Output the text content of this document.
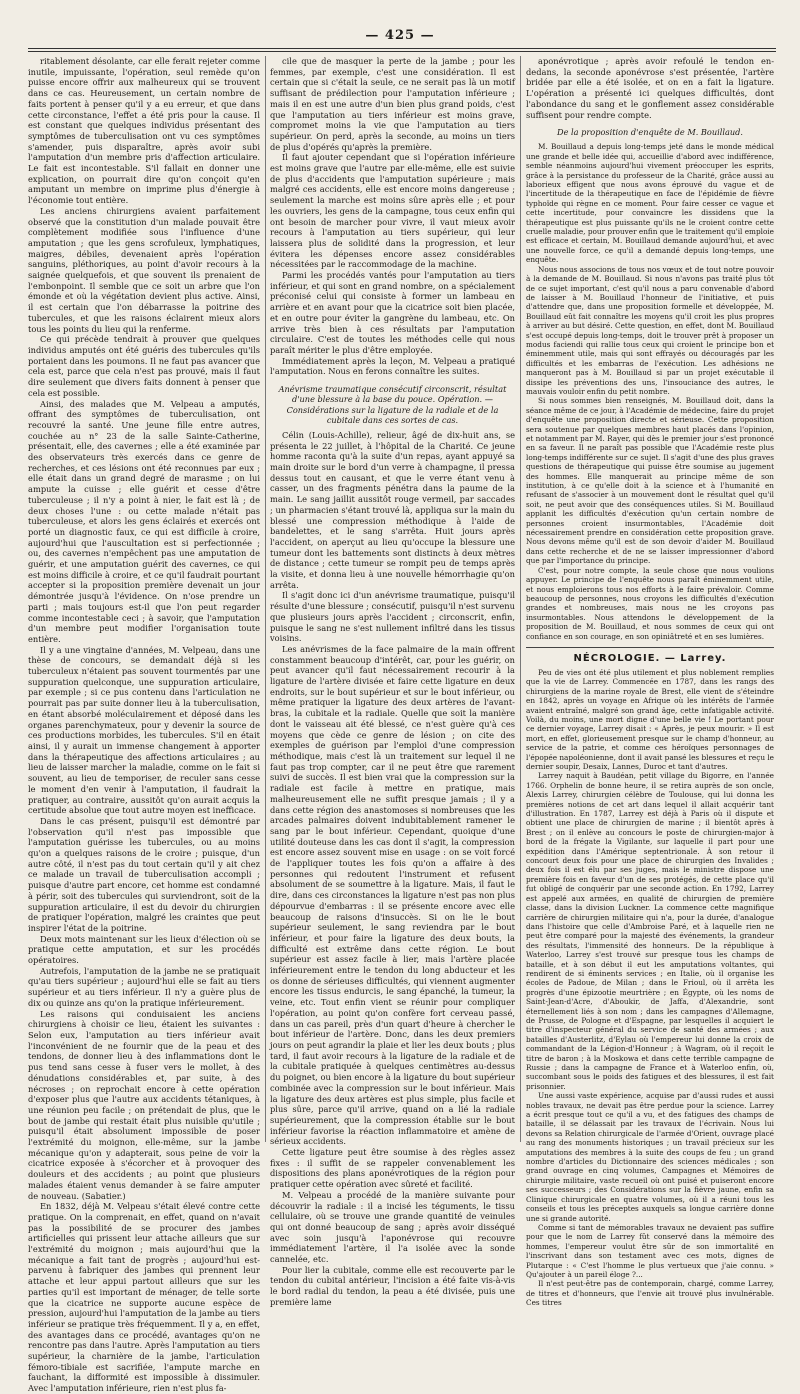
— 425 —

ritablement désolante, car elle ferait rejeter comme inutile, impuissante, l'opération, seul remède qu'on puisse encore offrir aux malheureux qui se trouvent dans ce cas. Heureusement, un certain nombre de faits portent à penser qu'il y a eu erreur, et que dans cette circonstance, l'effet a été pris pour la cause. Il est constant que quelques individus présentant des symptômes de tuberculisation ont vu ces symptômes s'amender, puis disparaître, après avoir subi l'amputation d'un membre pris d'affection articulaire. Le fait est incontestable. S'il fallait en donner une explication, on pourrait dire qu'on conçoit qu'en amputant un membre on imprime plus d'énergie à l'économie tout entière.

Les anciens chirurgiens avaient parfaitement observé que la constitution d'un malade pouvait être complètement modifiée sous l'influence d'une amputation ; que les gens scrofuleux, lymphatiques, maigres, débiles, devenaient après l'opération sanguins, pléthoriques, au point d'avoir recours à la saignée quelquefois, et que souvent ils prenaient de l'embonpoint. Il semble que ce soit un arbre que l'on émonde et où la végétation devient plus active. Ainsi, il est certain que l'on débarrasse la poitrine des tubercules, et que les raisons éclairent mieux alors tous les points du lieu qui la renferme.

Ce qui précède tendrait à prouver que quelques individus amputés ont été guéris des tubercules qu'ils portaient dans les poumons. Il ne faut pas avancer que cela est, parce que cela n'est pas prouvé, mais il faut dire seulement que divers faits donnent à penser que cela est possible.

Ainsi, des malades que M. Velpeau a amputés, offrant des symptômes de tuberculisation, ont recouvré la santé. Une jeune fille entre autres, couchée au n° 23 de la salle Sainte-Catherine, présentait, elle, des cavernes ; elle a été examinée par des observateurs très exercés dans ce genre de recherches, et ces lésions ont été reconnues par eux ; elle était dans un grand degré de marasme ; on lui ampute la cuisse ; elle guérit et cesse d'être tuberculeuse ; il n'y a point à nier, le fait est là ; de deux choses l'une : ou cette malade n'était pas tuberculeuse, et alors les gens éclairés et exercés ont porté un diagnostic faux, ce qui est difficile à croire, aujourd'hui que l'auscultation est si perfectionnée ; ou, des cavernes n'empêchent pas une amputation de guérir, et une amputation guérit des cavernes, ce qui est moins difficile à croire, et ce qu'il faudrait pourtant accepter si la proposition première devenait un jour démontrée jusqu'à l'évidence. On n'ose prendre un parti ; mais toujours est-il que l'on peut regarder comme incontestable ceci ; à savoir, que l'amputation d'un membre peut modifier l'organisation toute entière.

Il y a une vingtaine d'années, M. Velpeau, dans une thèse de concours, se demandait déjà si les tuberculeux n'étaient pas souvent tourmentés par une suppuration quelconque, une suppuration articulaire, par exemple ; si ce pus contenu dans l'articulation ne pourrait pas par suite donner lieu à la tuberculisation, en étant absorbé moléculairement et déposé dans les organes parenchymateux, pour y devenir la source de ces productions morbides, les tubercules. S'il en était ainsi, il y aurait un immense changement à apporter dans la thérapeutique des affections articulaires ; au lieu de laisser marcher la maladie, comme on le fait si souvent, au lieu de temporiser, de reculer sans cesse le moment d'en venir à l'amputation, il faudrait la pratiquer, au contraire, aussitôt qu'on aurait acquis la certitude absolue que tout autre moyen est inefficace.

Dans le cas présent, puisqu'il est démontré par l'observation qu'il n'est pas impossible que l'amputation guérisse les tubercules, ou au moins qu'on a quelques raisons de le croire ; puisque, d'un autre côté, il n'est pas du tout certain qu'il y ait chez ce malade un travail de tuberculisation accompli ; puisque d'autre part encore, cet homme est condamné à périr, soit des tubercules qui surviendront, soit de la suppuration articulaire, il est du devoir du chirurgien de pratiquer l'opération, malgré les craintes que peut inspirer l'état de la poitrine.

Deux mots maintenant sur les lieux d'élection où se pratique cette amputation, et sur les procédés opératoires.

Autrefois, l'amputation de la jambe ne se pratiquait qu'au tiers supérieur ; aujourd'hui elle se fait au tiers supérieur et au tiers inférieur. Il n'y a guère plus de dix ou quinze ans qu'on la pratique inférieurement.

Les raisons qui conduisaient les anciens chirurgiens à choisir ce lieu, étaient les suivantes : Selon eux, l'amputation au tiers inférieur avait l'inconvénient de ne fournir que de la peau et des tendons, de donner lieu à des inflammations dont le pus tend sans cesse à fuser vers le mollet, à des dénudations considérables et, par suite, à des nécroses ; on reprochait encore à cette opération d'exposer plus que l'autre aux accidents tétaniques, à une réunion peu facile ; on prétendait de plus, que le bout de jambe qui restait était plus nuisible qu'utile ; puisqu'il était absolument impossible de poser l'extrémité du moignon, elle-même, sur la jambe mécanique qu'on y adapterait, sous peine de voir la cicatrice exposée à s'écorcher et à provoquer des douleurs et des accidents ; au point que plusieurs malades étaient venus demander à se faire amputer de nouveau. (Sabatier.)

En 1832, déjà M. Velpeau s'était élevé contre cette pratique. On la comprenait, en effet, quand on n'avait pas la possibilité de se procurer des jambes artificielles qui prissent leur attache ailleurs que sur l'extrémité du moignon ; mais aujourd'hui que la mécanique a fait tant de progrès ; aujourd'hui est-parvenu à fabriquer des jambes qui prennent leur attache et leur appui partout ailleurs que sur les parties qu'il est important de ménager, de telle sorte que la cicatrice ne supporte aucune espèce de pression, aujourd'hui l'amputation de la jambe au tiers inférieur se pratique très fréquemment. Il y a, en effet, des avantages dans ce procédé, avantages qu'on ne rencontre pas dans l'autre. Après l'amputation au tiers supérieur, la charnière de la jambe, l'articulation fémoro-tibiale est sacrifiée, l'ampute marche en fauchant, la difformité est impossible à dissimuler. Avec l'amputation inférieure, rien n'est plus fa-

cile que de masquer la perte de la jambe ; pour les femmes, par exemple, c'est une considération. Il est certain que si c'était la seule, ce ne serait pas là un motif suffisant de prédilection pour l'amputation inférieure ; mais il en est une autre d'un bien plus grand poids, c'est que l'amputation au tiers inférieur est moins grave, compromet moins la vie que l'amputation au tiers supérieur. On perd, après la seconde, au moins un tiers de plus d'opérés qu'après la première.

Il faut ajouter cependant que si l'opération inférieure est moins grave que l'autre par elle-même, elle est suivie de plus d'accidents que l'amputation supérieure ; mais malgré ces accidents, elle est encore moins dangereuse ; seulement la marche est moins sûre après elle ; et pour les ouvriers, les gens de la campagne, tous ceux enfin qui ont besoin de marcher pour vivre, il vaut mieux avoir recours à l'amputation au tiers supérieur, qui leur laissera plus de solidité dans la progression, et leur évitera les dépenses encore assez considérables nécessitées par le raccommodage de la machine.

Parmi les procédés vantés pour l'amputation au tiers inférieur, et qui sont en grand nombre, on a spécialement préconisé celui qui consiste à former un lambeau en arrière et en avant pour que la cicatrice soit bien placée, et en outre pour éviter la gangrène du lambeau, etc. On arrive très bien à ces résultats par l'amputation circulaire. C'est de toutes les méthodes celle qui nous paraît mériter le plus d'être employée.

Immédiatement après la leçon, M. Velpeau a pratiqué l'amputation. Nous en ferons connaître les suites.

Anévrisme traumatique consécutif circonscrit, résultat d'une blessure à la base du pouce. Opération. — Considérations sur la ligature de la radiale et de la cubitale dans ces sortes de cas.

Célin (Louis-Achille), relieur, âgé de dix-huit ans, se présenta le 22 juillet, à l'hôpital de la Charité. Ce jeune homme raconta qu'à la suite d'un repas, ayant appuyé sa main droite sur le bord d'un verre à champagne, il pressa dessus tout en causant, et que le verre étant venu à casser, un des fragments pénétra dans la paume de la main. Le sang jaillit aussitôt rouge vermeil, par saccades ; un pharmacien s'étant trouvé là, appliqua sur la main du blessé une compression méthodique à l'aide de bandelettes, et le sang s'arrêta. Huit jours après l'accident, on aperçut au lieu qu'occupe la blessure une tumeur dont les battements sont distincts à deux mètres de distance ; cette tumeur se rompit peu de temps après la visite, et donna lieu à une nouvelle hémorrhagie qu'on arrêta.

Il s'agit donc ici d'un anévrisme traumatique, puisqu'il résulte d'une blessure ; consécutif, puisqu'il n'est survenu que plusieurs jours après l'accident ; circonscrit, enfin, puisque le sang ne s'est nullement infiltré dans les tissus voisins.

Les anévrismes de la face palmaire de la main offrent constamment beaucoup d'intérêt, car, pour les guérir, on peut avancer qu'il faut nécessairement recourir à la ligature de l'artère divisée et faire cette ligature en deux endroits, sur le bout supérieur et sur le bout inférieur, ou même pratiquer la ligature des deux artères de l'avant-bras, la cubitale et la radiale. Quelle que soit la manière dont le vaisseau ait été blessé, ce n'est guère qu'à ces moyens que cède ce genre de lésion ; on cite des exemples de guérison par l'emploi d'une compression méthodique, mais c'est là un traitement sur lequel il ne faut pas trop compter, car il ne peut être que rarement suivi de succès. Il est bien vrai que la compression sur la radiale est facile à mettre en pratique, mais malheureusement elle ne suffit presque jamais ; il y a dans cette région des anastomoses si nombreuses que les arcades palmaires doivent indubitablement ramener le sang par le bout inférieur. Cependant, quoique d'une utilité douteuse dans les cas dont il s'agit, la compression est encore assez souvent mise en usage : on se voit forcé de l'appliquer toutes les fois qu'on a affaire à des personnes qui redoutent l'instrument et refusent absolument de se soumettre à la ligature. Mais, il faut le dire, dans ces circonstances la ligature n'est pas non plus dépourvue d'embarras : il se présente encore avec elle beaucoup de raisons d'insuccès. Si on lie le bout supérieur seulement, le sang reviendra par le bout inférieur, et pour faire la ligature des deux bouts, la difficulté est extrême dans cette région. Le bout supérieur est assez facile à lier, mais l'artère placée inférieurement entre le tendon du long abducteur et les os donne de sérieuses difficultés, qui viennent augmenter encore les tissus endurcis, le sang épanché, la tumeur, la veine, etc. Tout enfin vient se réunir pour compliquer l'opération, au point qu'on confère fort cerveau passé, dans un cas pareil, près d'un quart d'heure à chercher le bout inférieur de l'artère. Donc, dans les deux premiers jours on peut agrandir la plaie et lier les deux bouts ; plus tard, il faut avoir recours à la ligature de la radiale et de la cubitale pratiquée à quelques centimètres au-dessus du poignet, ou bien encore à la ligature du bout supérieur combinée avec la compression sur le bout inférieur. Mais la ligature des deux artères est plus simple, plus facile et plus sûre, parce qu'il arrive, quand on a lié la radiale supérieurement, que la compression établie sur le bout inférieur favorise la réaction inflammatoire et amène de sérieux accidents.

Cette ligature peut être soumise à des règles assez fixes : il suffit de se rappeler convenablement les dispositions des plans aponévrotiques de la région pour pratiquer cette opération avec sûreté et facilité.

M. Velpeau a procédé de la manière suivante pour découvrir la radiale : il a incisé les téguments, le tissu cellulaire, où se trouve une grande quantité de veinules qui ont donné beaucoup de sang ; après avoir disséqué avec soin jusqu'à l'aponévrose qui recouvre immédiatement l'artère, il l'a isolée avec la sonde cannelée, etc.

Pour lier la cubitale, comme elle est recouverte par le tendon du cubital antérieur, l'incision a été faite vis-à-vis le bord radial du tendon, la peau a été divisée, puis une première lame

aponévrotique ; après avoir refoulé le tendon en-dedans, la seconde aponévrose s'est présentée, l'artère bridée par elle a été isolée, et on en a fait la ligature. L'opération a présenté ici quelques difficultés, dont l'abondance du sang et le gonflement assez considérable suffisent pour rendre compte.

De la proposition d'enquête de M. Bouillaud.

M. Bouillaud a depuis long-temps jeté dans le monde médical une grande et belle idée qui, accueillie d'abord avec indifférence, semble néanmoins aujourd'hui vivement préoccuper les esprits, grâce à la persistance du professeur de la Charité, grâce aussi au laborieux effigent que nous avons éprouvé du vague et de l'incertitude de la thérapeutique en face de l'épidémie de fièvre typhoïde qui règne en ce moment. Pour faire cesser ce vague et cette incertitude, pour convaincre les dissidens que la thérapeutique est plus puissante qu'ils ne le croient contre cette cruelle maladie, pour prouver enfin que le traitement qu'il emploie est efficace et certain, M. Bouillaud demande aujourd'hui, et avec une nouvelle force, ce qu'il a demandé depuis long-temps, une enquête.

Nous nous associons de tous nos vœux et de tout notre pouvoir à la demande de M. Bouillaud. Si nous n'avons pas traité plus tôt de ce sujet important, c'est qu'il nous a paru convenable d'abord de laisser à M. Bouillaud l'honneur de l'initiative, et puis d'attendre que, dans une proposition formelle et développée, M. Bouillaud eût fait connaître les moyens qu'il croit les plus propres à arriver au but désiré. Cette question, en effet, dont M. Bouillaud s'est occupé depuis long-temps, doit le trouver prêt à proposer un modus faciendi qui rallie tous ceux qui croient le principe bon et éminemment utile, mais qui sont effrayés ou découragés par les difficultés et les embarras de l'exécution. Les adhésions ne manqueront pas à M. Bouillaud si par un projet exécutable il dissipe les préventions des uns, l'insouciance des autres, le mauvais vouloir enfin du petit nombre.

Si nous sommes bien renseignés, M. Bouillaud doit, dans la séance même de ce jour, à l'Académie de médecine, faire du projet d'enquête une proposition directe et sérieuse. Cette proposition sera soutenue par quelques membres haut placés dans l'opinion, et notamment par M. Rayer, qui dès le premier jour s'est prononcé en sa faveur. Il ne paraît pas possible que l'Académie reste plus long-temps indifférente sur ce sujet. Il s'agit d'une des plus graves questions de thérapeutique qui puisse être soumise au jugement des hommes. Elle manquerait au principe même de son institution, à ce qu'elle doit à la science et à l'humanité en refusant de s'associer à un mouvement dont le résultat quel qu'il soit, ne peut avoir que des conséquences utiles. Si M. Bouillaud applanit les difficultés d'exécution qu'un certain nombre de personnes croient insurmontables, l'Académie doit nécessairement prendre en considération cette proposition grave. Nous devons même qu'il est de son devoir d'aider M. Bouillaud dans cette recherche et de ne se laisser impressionner d'abord que par l'importance du principe.

C'est, pour notre compte, la seule chose que nous voulions appuyer. Le principe de l'enquête nous paraît éminemment utile, et nous emploierons tous nos efforts à le faire prévaloir. Comme beaucoup de personnes, nous croyons les difficultés d'exécution grandes et nombreuses, mais nous ne les croyons pas insurmontables. Nous attendons le développement de la proposition de M. Bouillaud, et nous sommes de ceux qui ont confiance en son courage, en son opiniâtreté et en ses lumières.

NÉCROLOGIE. — Larrey.

Peu de vies ont été plus utilement et plus noblement remplies que la vie de Larrey. Commencée en 1787, dans les rangs des chirurgiens de la marine royale de Brest, elle vient de s'éteindre en 1842, après un voyage en Afrique où les intérêts de l'armée avaient entraîné, malgré son grand âge, cette infatigable activité. Voilà, du moins, une mort digne d'une belle vie ! Le portant pour ce dernier voyage, Larrey disait : « Après, je peux mourir. » Il est mort, en effet, glorieusement presque sur le champ d'honneur, au service de la patrie, et comme ces héroïques personnages de l'épopée napoléonienne, dont il avait pansé les blessures et reçu le dernier soupir, Desaix, Lannes, Duroc et tant d'autres.

Larrey naquit à Baudéan, petit village du Bigorre, en l'année 1766. Orphelin de bonne heure, il se retira auprès de son oncle, Alexis Larrey, chirurgien célèbre de Toulouse, qui lui donna les premières notions de cet art dans lequel il allait acquérir tant d'illustration. En 1787, Larrey est déjà à Paris où il dispute et obtient une place de chirurgien de marine ; il bientôt après à Brest ; on il enlève au concours le poste de chirurgien-major à bord de la frégate la Vigilante, sur laquelle il part pour une expédition dans l'Amérique septentrionale. À son retour il concourt deux fois pour une place de chirurgien des Invalides ; deux fois il est élu par ses juges, mais le ministre dispose une première fois en faveur d'un de ses protégés, de cette place qu'il fut obligé de conquérir par une seconde action. En 1792, Larrey est appelé aux armées, en qualité de chirurgien de première classe, dans la division Luckner. La commence cette magnifique carrière de chirurgien militaire qui n'a, pour la durée, d'analogue dans l'histoire que celle d'Ambroise Paré, et à laquelle rien ne peut être comparé pour la majesté des événements, la grandeur des résultats, l'immensité des honneurs. De la république à Waterloo, Larrey s'est trouvé sur presque tous les champs de bataille, et à son début il eut les amputations voltantes, qui rendirent de si éminents services ; en Italie, où il organise les écoles de Padoue, de Milan ; dans le Frioul, où il arrêta les progrès d'une épizootie meurtrière ; en Égypte, où les noms de Saint-Jean-d'Acre, d'Aboukir, de Jaffa, d'Alexandrie, sont éternellement liés à son nom ; dans les campagnes d'Allemagne, de Prusse, de Pologne et d'Espagne, par lesquelles il acquiert le titre d'inspecteur général du service de santé des armées ; aux batailles d'Austerlitz, d'Eylau où l'empereur lui donne la croix de commandant de la Légion-d'Honneur ; à Wagram, où il reçoit le titre de baron ; à la Moskowa et dans cette terrible campagne de Russie ; dans la campagne de France et à Waterloo enfin, où, succombant sous le poids des fatigues et des blessures, il est fait prisonnier.

Une aussi vaste expérience, acquise par d'aussi rudes et aussi nobles travaux, ne devait pas être perdue pour la science. Larrey a écrit presque tout ce qu'il a vu, et des fatigues des champs de bataille, il se délassait par les travaux de l'écrivain. Nous lui devons sa Relation chirurgicale de l'armée d'Orient, ouvrage placé au rang des monuments historiques ; un travail précieux sur les amputations des membres à la suite des coups de feu ; un grand nombre d'articles du Dictionnaire des sciences médicales ; son grand ouvrage en cinq volumes, Campagnes et Mémoires de chirurgie militaire, vaste recueil où ont puisé et puiseront encore ses successeurs ; des Considérations sur la fièvre jaune, enfin sa Clinique chirurgicale en quatre volumes, où il a réuni tous les conseils et tous les préceptes auxquels sa longue carrière donne une si grande autorité.

Comme si tant de mémorables travaux ne devaient pas suffire pour que le nom de Larrey fût conservé dans la mémoire des hommes, l'empereur voulut être sûr de son immortalité en l'inscrivant dans son testament avec ces mots, dignes de Plutarque : « C'est l'homme le plus vertueux que j'aie connu. » Qu'ajouter à un pareil éloge ?...

Il n'est peut-être pas de contemporain, chargé, comme Larrey, de titres et d'honneurs, que l'envie ait trouvé plus invulnérable. Ces titres
